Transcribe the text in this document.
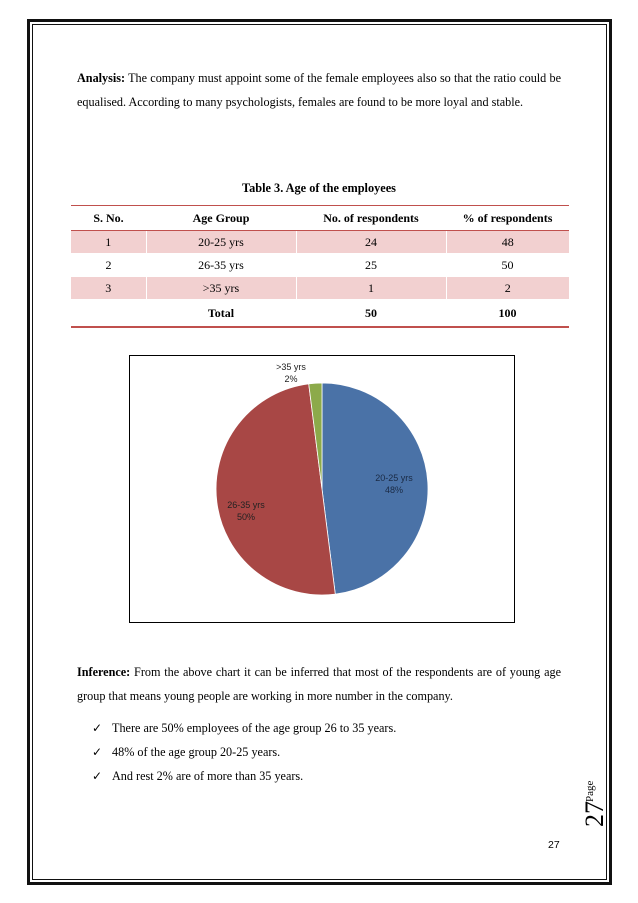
Analysis: The company must appoint some of the female employees also so that the ratio could be equalised. According to many psychologists, females are found to be more loyal and stable.

Table 3. Age of the employees
S. No.	Age Group	No. of respondents	% of respondents
1	20-25 yrs	24	48
2	26-35 yrs	25	50
3	>35 yrs	1	2
	Total	50	100
20-25 yrs
48%
26-35 yrs
50%
>35 yrs
2%

Inference: From the above chart it can be inferred that most of the respondents are of young age group that means young people are working in more number in the company.

✓ There are 50% employees of the age group 26 to 35 years.
✓ 48% of the age group 20-25 years.
✓ And rest 2% are of more than 35 years.
Page
27
27
